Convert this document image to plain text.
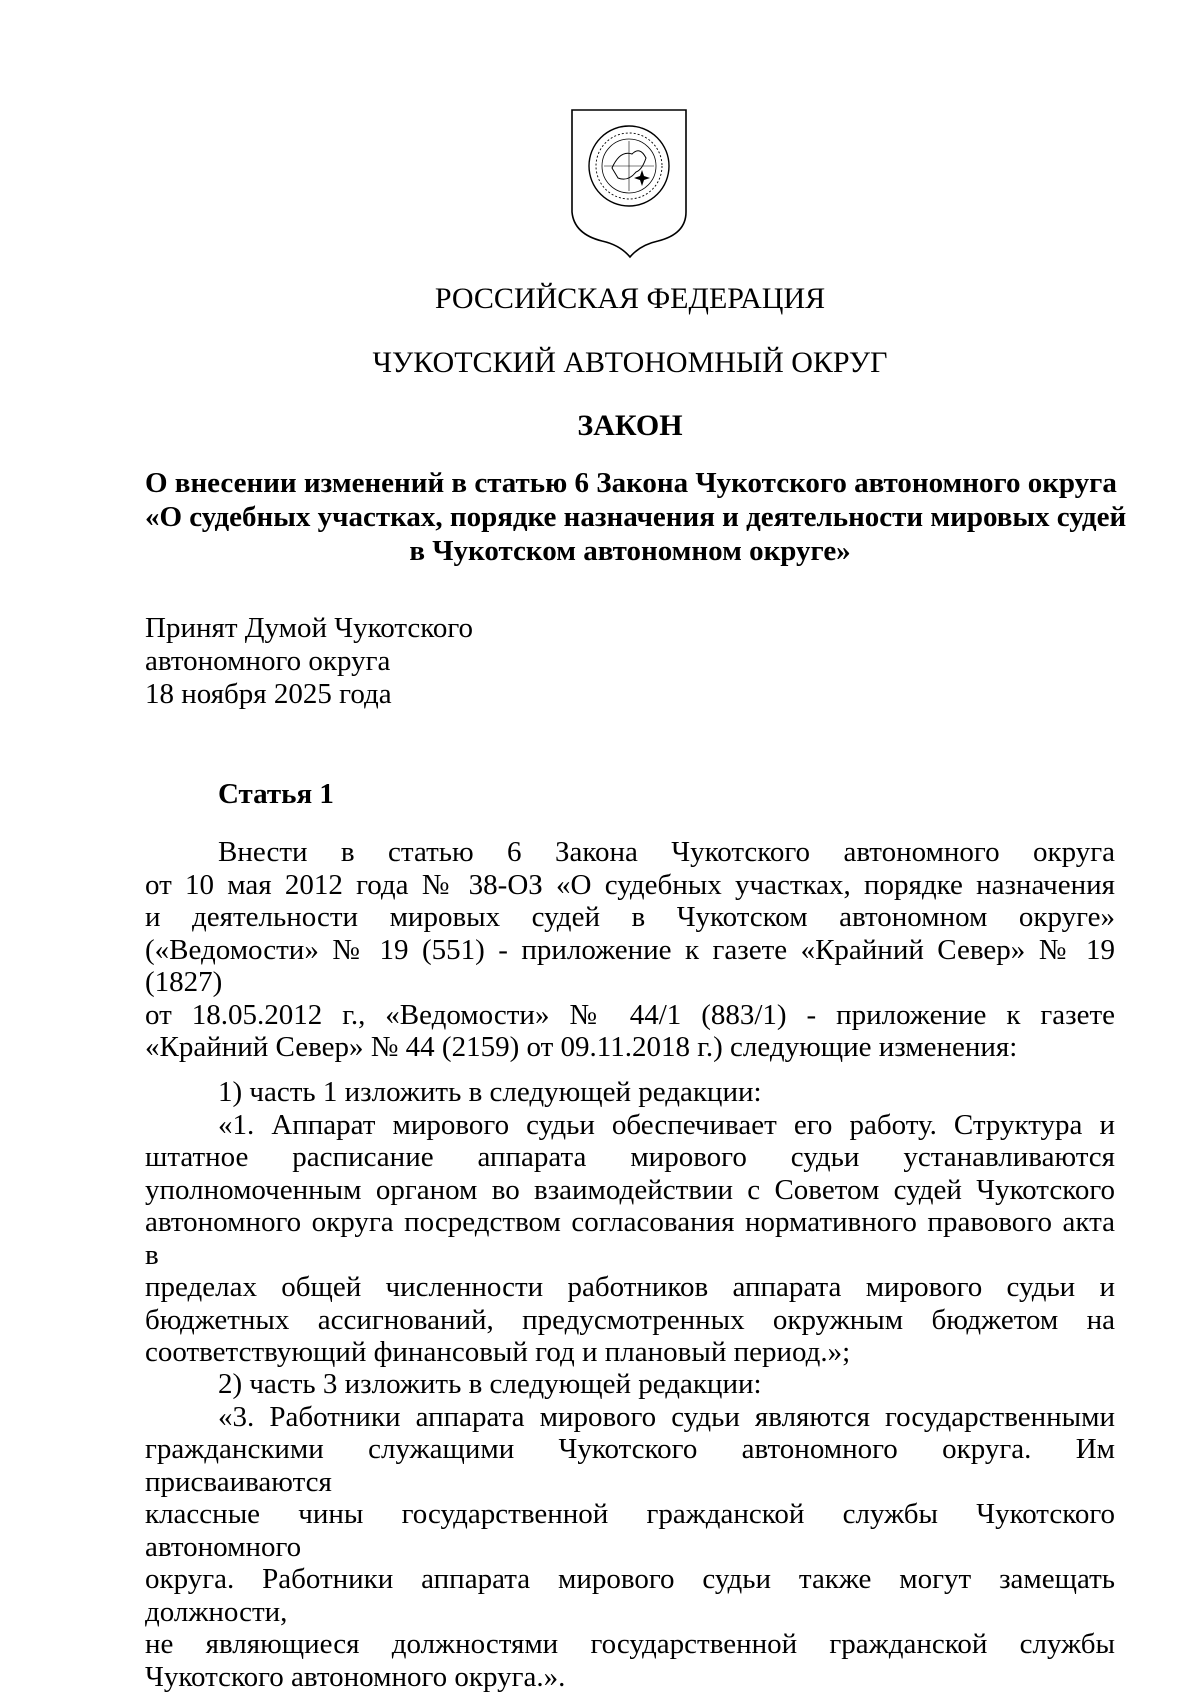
РОССИЙСКАЯ ФЕДЕРАЦИЯ
ЧУКОТСКИЙ АВТОНОМНЫЙ ОКРУГ
ЗАКОН
О внесении изменений в статью 6 Закона Чукотского автономного округа
«О судебных участках, порядке назначения и деятельности мировых судей
в Чукотском автономном округе»
Принят Думой Чукотского
автономного округа
18 ноября 2025 года
Статья 1
Внести в статью 6 Закона Чукотского автономного округа
от 10 мая 2012 года № 38-ОЗ «О судебных участках, порядке назначения
и деятельности мировых судей в Чукотском автономном округе»
(«Ведомости» № 19 (551) - приложение к газете «Крайний Север» № 19 (1827)
от 18.05.2012 г., «Ведомости» № 44/1 (883/1) - приложение к газете
«Крайний Север» № 44 (2159) от 09.11.2018 г.) следующие изменения:
1) часть 1 изложить в следующей редакции:
«1. Аппарат мирового судьи обеспечивает его работу. Структура и
штатное расписание аппарата мирового судьи устанавливаются
уполномоченным органом во взаимодействии с Советом судей Чукотского
автономного округа посредством согласования нормативного правового акта в
пределах общей численности работников аппарата мирового судьи и
бюджетных ассигнований, предусмотренных окружным бюджетом на
соответствующий финансовый год и плановый период.»;
2) часть 3 изложить в следующей редакции:
«3. Работники аппарата мирового судьи являются государственными
гражданскими служащими Чукотского автономного округа. Им присваиваются
классные чины государственной гражданской службы Чукотского автономного
округа. Работники аппарата мирового судьи также могут замещать должности,
не являющиеся должностями государственной гражданской службы
Чукотского автономного округа.».
